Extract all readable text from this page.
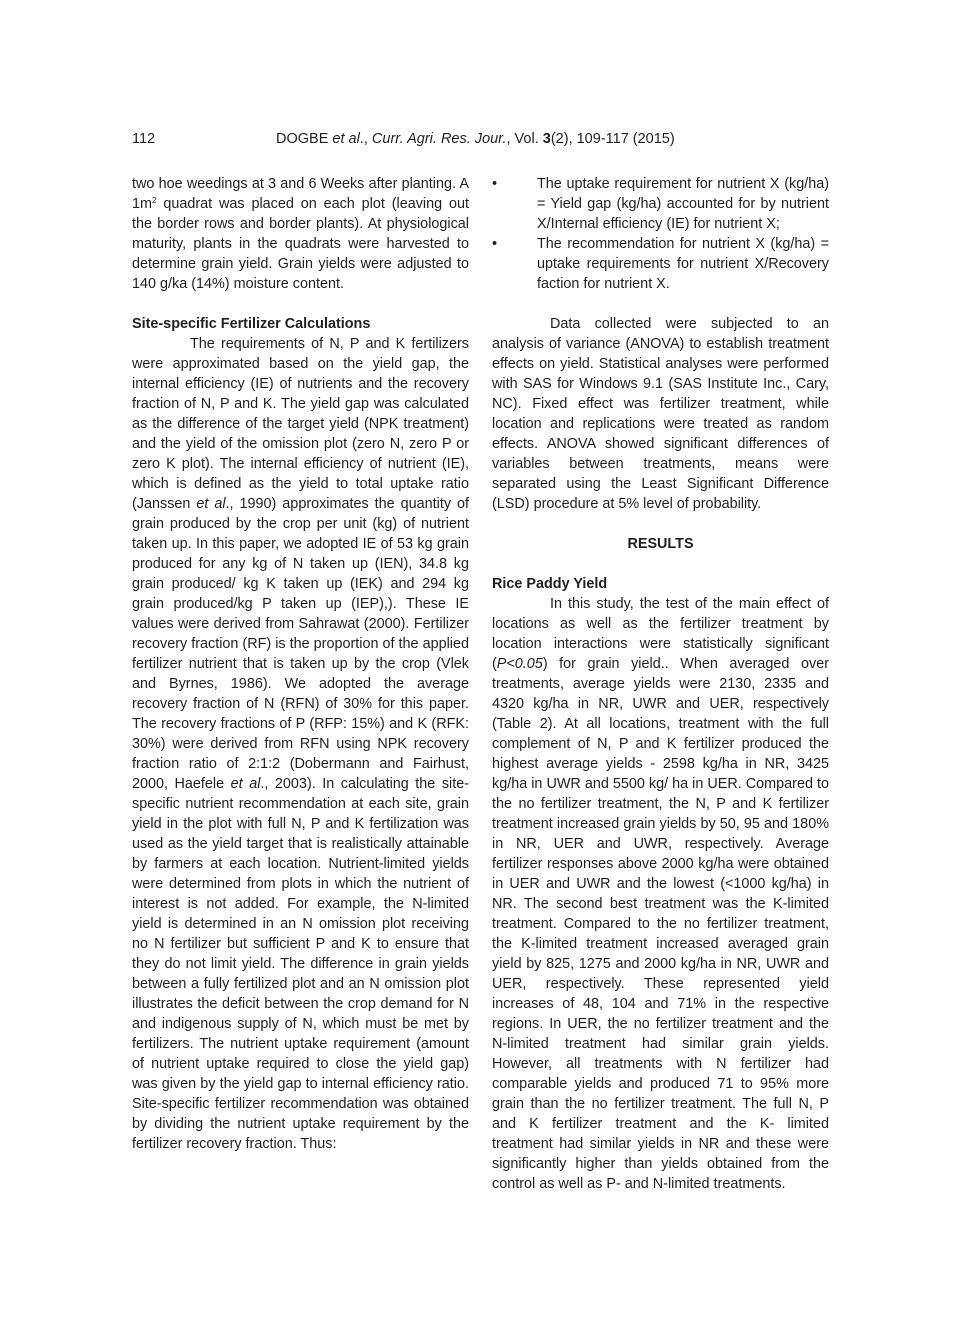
112	DOGBE et al., Curr. Agri. Res. Jour., Vol. 3(2), 109-117 (2015)

two hoe weedings at 3 and 6 Weeks after planting. A $1m^2$ quadrat was placed on each plot (leaving out the border rows and border plants). At physiological maturity, plants in the quadrats were harvested to determine grain yield. Grain yields were adjusted to 140 g/ka (14%) moisture content.

Site-specific Fertilizer Calculations

The requirements of N, P and K fertilizers were approximated based on the yield gap, the internal efficiency (IE) of nutrients and the recovery fraction of N, P and K. The yield gap was calculated as the difference of the target yield (NPK treatment) and the yield of the omission plot (zero N, zero P or zero K plot). The internal efficiency of nutrient (IE), which is defined as the yield to total uptake ratio (Janssen et al., 1990) approximates the quantity of grain produced by the crop per unit (kg) of nutrient taken up. In this paper, we adopted IE of 53 kg grain produced for any kg of N taken up (IEN), 34.8 kg grain produced/ kg K taken up (IEK) and 294 kg grain produced/kg P taken up (IEP),). These IE values were derived from Sahrawat (2000). Fertilizer recovery fraction (RF) is the proportion of the applied fertilizer nutrient that is taken up by the crop (Vlek and Byrnes, 1986). We adopted the average recovery fraction of N (RFN) of 30% for this paper. The recovery fractions of P (RFP: 15%) and K (RFK: 30%) were derived from RFN using NPK recovery fraction ratio of 2:1:2 (Dobermann and Fairhust, 2000, Haefele et al., 2003). In calculating the site-specific nutrient recommendation at each site, grain yield in the plot with full N, P and K fertilization was used as the yield target that is realistically attainable by farmers at each location. Nutrient-limited yields were determined from plots in which the nutrient of interest is not added. For example, the N-limited yield is determined in an N omission plot receiving no N fertilizer but sufficient P and K to ensure that they do not limit yield. The difference in grain yields between a fully fertilized plot and an N omission plot illustrates the deficit between the crop demand for N and indigenous supply of N, which must be met by fertilizers. The nutrient uptake requirement (amount of nutrient uptake required to close the yield gap) was given by the yield gap to internal efficiency ratio. Site-specific fertilizer recommendation was obtained by dividing the nutrient uptake requirement by the fertilizer recovery fraction. Thus:

•	The uptake requirement for nutrient X (kg/ha) = Yield gap (kg/ha) accounted for by nutrient X/Internal efficiency (IE) for nutrient X;
•	The recommendation for nutrient X (kg/ha) = uptake requirements for nutrient X/Recovery faction for nutrient X.

Data collected were subjected to an analysis of variance (ANOVA) to establish treatment effects on yield. Statistical analyses were performed with SAS for Windows 9.1 (SAS Institute Inc., Cary, NC). Fixed effect was fertilizer treatment, while location and replications were treated as random effects. ANOVA showed significant differences of variables between treatments, means were separated using the Least Significant Difference (LSD) procedure at 5% level of probability.

RESULTS

Rice Paddy Yield

In this study, the test of the main effect of locations as well as the fertilizer treatment by location interactions were statistically significant (P<0.05) for grain yield.. When averaged over treatments, average yields were 2130, 2335 and 4320 kg/ha in NR, UWR and UER, respectively (Table 2). At all locations, treatment with the full complement of N, P and K fertilizer produced the highest average yields - 2598 kg/ha in NR, 3425 kg/ha in UWR and 5500 kg/ ha in UER. Compared to the no fertilizer treatment, the N, P and K fertilizer treatment increased grain yields by 50, 95 and 180% in NR, UER and UWR, respectively. Average fertilizer responses above 2000 kg/ha were obtained in UER and UWR and the lowest (<1000 kg/ha) in NR. The second best treatment was the K-limited treatment. Compared to the no fertilizer treatment, the K-limited treatment increased averaged grain yield by 825, 1275 and 2000 kg/ha in NR, UWR and UER, respectively. These represented yield increases of 48, 104 and 71% in the respective regions. In UER, the no fertilizer treatment and the N-limited treatment had similar grain yields. However, all treatments with N fertilizer had comparable yields and produced 71 to 95% more grain than the no fertilizer treatment. The full N, P and K fertilizer treatment and the K- limited treatment had similar yields in NR and these were significantly higher than yields obtained from the control as well as P- and N-limited treatments.
